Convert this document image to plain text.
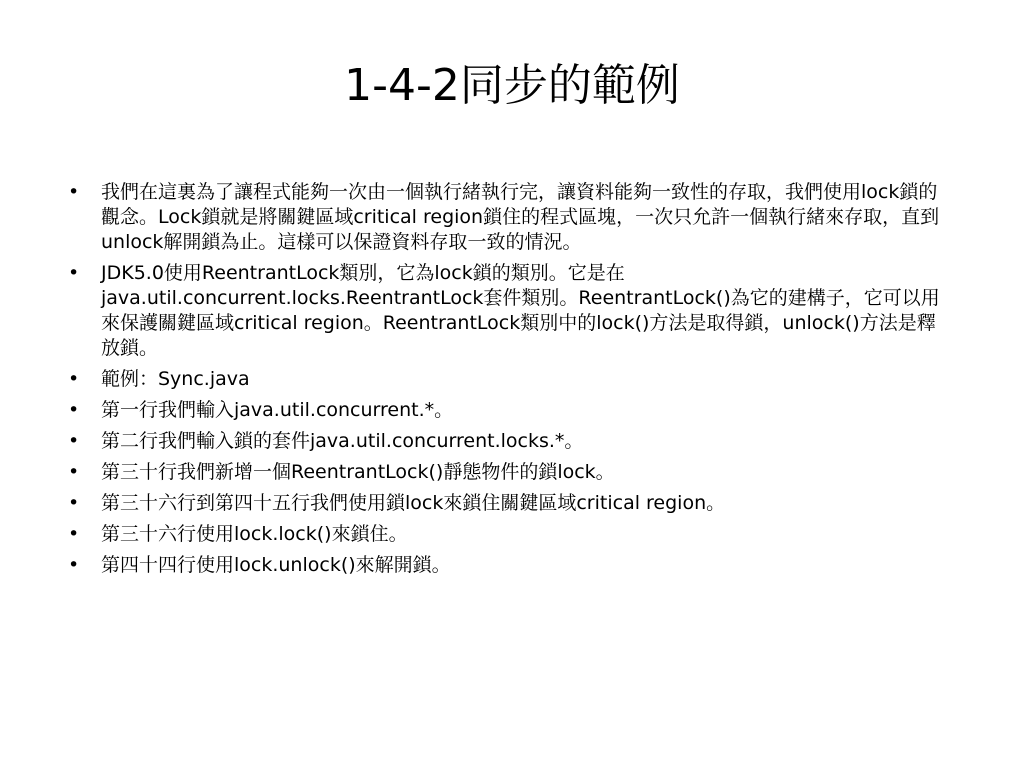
1-4-2同步的範例
•	我們在這裏為了讓程式能夠一次由一個執行緒執行完，讓資料能夠一致性的存取，我們使用lock鎖的觀念。Lock鎖就是將關鍵區域critical region鎖住的程式區塊，一次只允許一個執行緒來存取，直到unlock解開鎖為止。這樣可以保證資料存取一致的情況。
•	JDK5.0使用ReentrantLock類別，它為lock鎖的類別。它是在java.util.concurrent.locks.ReentrantLock套件類別。ReentrantLock()為它的建構子，它可以用來保護關鍵區域critical region。ReentrantLock類別中的lock()方法是取得鎖，unlock()方法是釋放鎖。
•	範例：Sync.java
•	第一行我們輸入java.util.concurrent.*。
•	第二行我們輸入鎖的套件java.util.concurrent.locks.*。
•	第三十行我們新增一個ReentrantLock()靜態物件的鎖lock。
•	第三十六行到第四十五行我們使用鎖lock來鎖住關鍵區域critical region。
•	第三十六行使用lock.lock()來鎖住。
•	第四十四行使用lock.unlock()來解開鎖。
